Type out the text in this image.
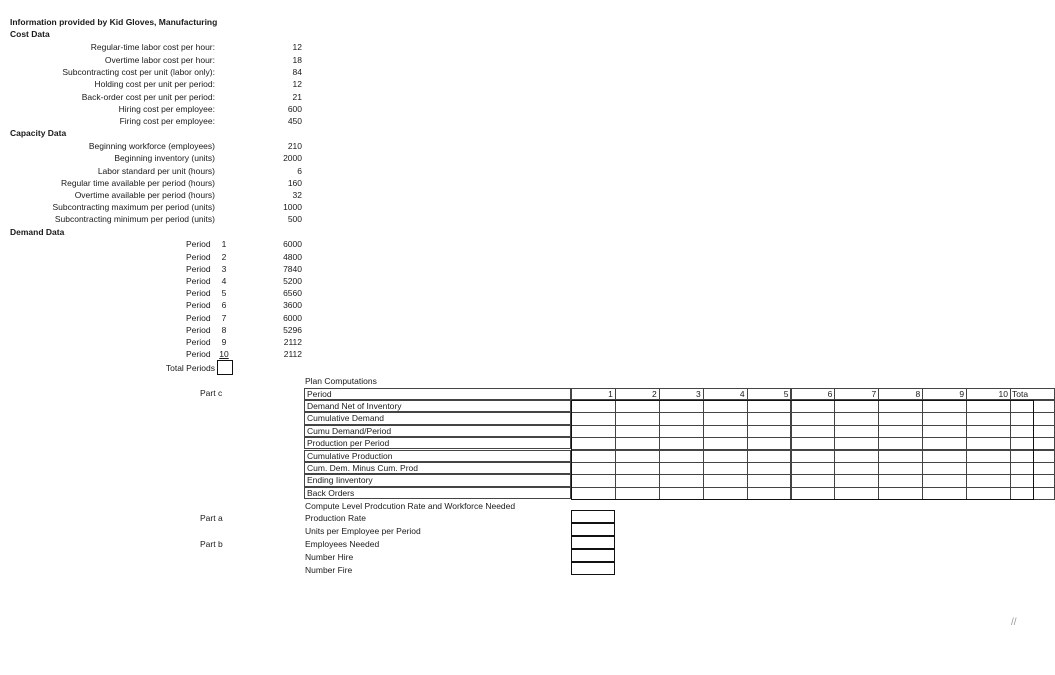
Information provided by Kid Gloves, Manufacturing
Cost Data
Regular-time labor cost per hour:	12
Overtime labor cost per hour:	18
Subcontracting cost per unit (labor only):	84
Holding cost per unit per period:	12
Back-order cost per unit per period:	21
Hiring cost per employee:	600
Firing cost per employee:	450
Capacity Data
Beginning workforce (employees)	210
Beginning inventory (units)	2000
Labor standard per unit (hours)	6
Regular time available per period (hours)	160
Overtime available per period (hours)	32
Subcontracting maximum per period (units)	1000
Subcontracting minimum per period (units)	500
Demand Data
Period	1	6000
Period	2	4800
Period	3	7840
Period	4	5200
Period	5	6560
Period	6	3600
Period	7	6000
Period	8	5296
Period	9	2112
Period	10	2112
Total Periods
Plan Computations
Part c	Period	1	2	3	4	5	6	7	8	9	10 Tota
Demand Net of Inventory
Cumulative Demand
Cumu Demand/Period
Production per Period
Cumulative Production
Cum. Dem. Minus Cum. Prod
Ending Iinventory
Back Orders
Compute Level Prodcution Rate and Workforce Needed
Production Rate
Units per Employee per Period
Employees Needed
Number Hire
Number Fire
Part a
Part b
//
